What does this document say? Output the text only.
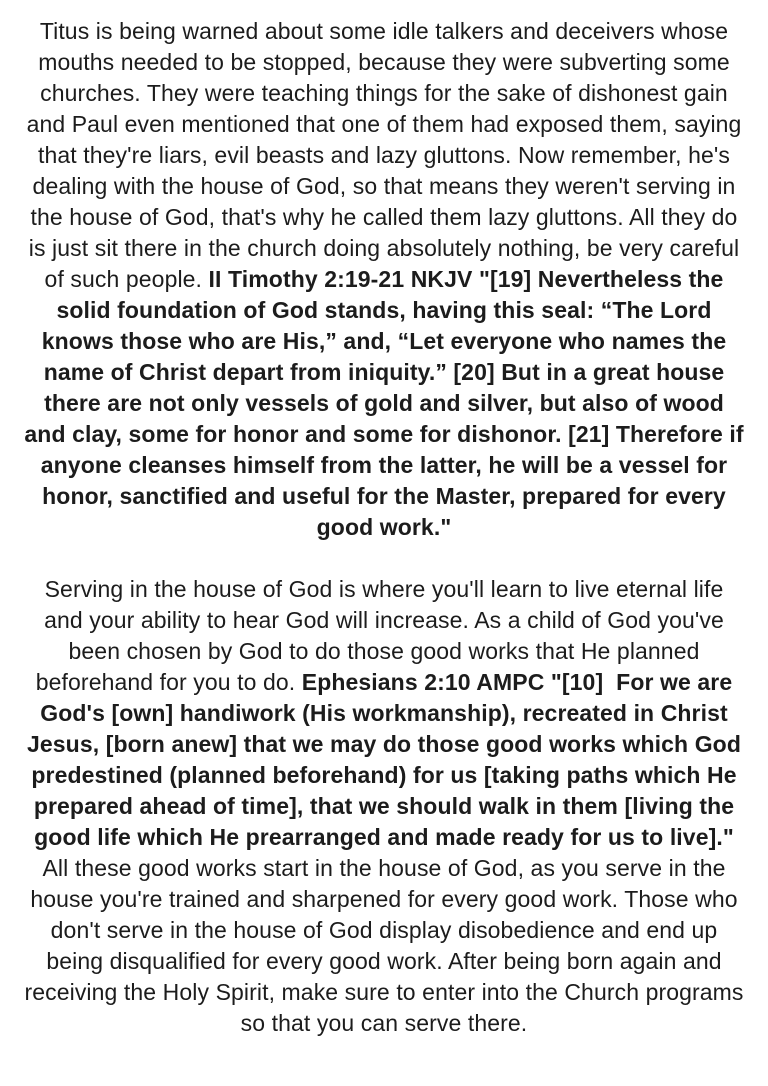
Titus is being warned about some idle talkers and deceivers whose mouths needed to be stopped, because they were subverting some churches. They were teaching things for the sake of dishonest gain and Paul even mentioned that one of them had exposed them, saying that they're liars, evil beasts and lazy gluttons. Now remember, he's dealing with the house of God, so that means they weren't serving in the house of God, that's why he called them lazy gluttons. All they do is just sit there in the church doing absolutely nothing, be very careful of such people. II Timothy 2:19-21 NKJV "[19] Nevertheless the solid foundation of God stands, having this seal: “The Lord knows those who are His,” and, “Let everyone who names the name of Christ depart from iniquity.” [20] But in a great house there are not only vessels of gold and silver, but also of wood and clay, some for honor and some for dishonor. [21] Therefore if anyone cleanses himself from the latter, he will be a vessel for honor, sanctified and useful for the Master, prepared for every good work."

Serving in the house of God is where you'll learn to live eternal life and your ability to hear God will increase. As a child of God you've been chosen by God to do those good works that He planned beforehand for you to do. Ephesians 2:10 AMPC "[10]  For we are God's [own] handiwork (His workmanship), recreated in Christ Jesus, [born anew] that we may do those good works which God predestined (planned beforehand) for us [taking paths which He prepared ahead of time], that we should walk in them [living the good life which He prearranged and made ready for us to live]." All these good works start in the house of God, as you serve in the house you're trained and sharpened for every good work. Those who don't serve in the house of God display disobedience and end up being disqualified for every good work. After being born again and receiving the Holy Spirit, make sure to enter into the Church programs so that you can serve there.
